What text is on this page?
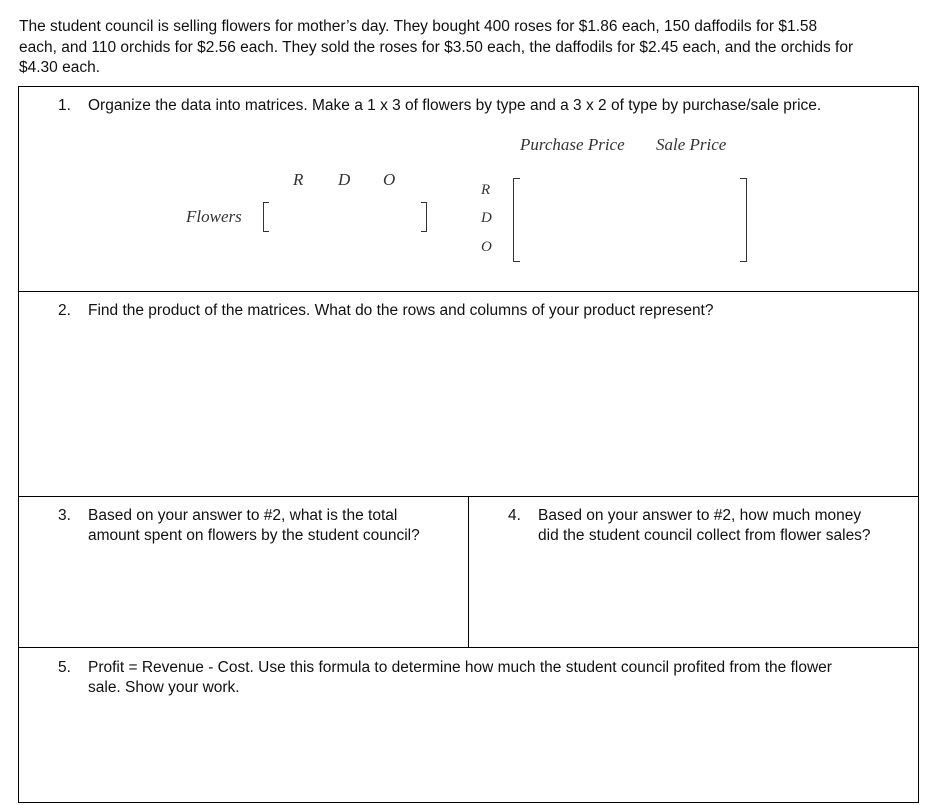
The student council is selling flowers for mother’s day. They bought 400 roses for $1.86 each, 150 daffodils for $1.58
each, and 110 orchids for $2.56 each. They sold the roses for $3.50 each, the daffodils for $2.45 each, and the orchids for
$4.30 each.
1. Organize the data into matrices. Make a 1 x 3 of flowers by type and a 3 x 2 of type by purchase/sale price.
R D O
Flowers
Purchase Price Sale Price
R
D
O
2. Find the product of the matrices. What do the rows and columns of your product represent?
3. Based on your answer to #2, what is the total
amount spent on flowers by the student council?
4. Based on your answer to #2, how much money
did the student council collect from flower sales?
5. Profit = Revenue - Cost. Use this formula to determine how much the student council profited from the flower
sale. Show your work.
